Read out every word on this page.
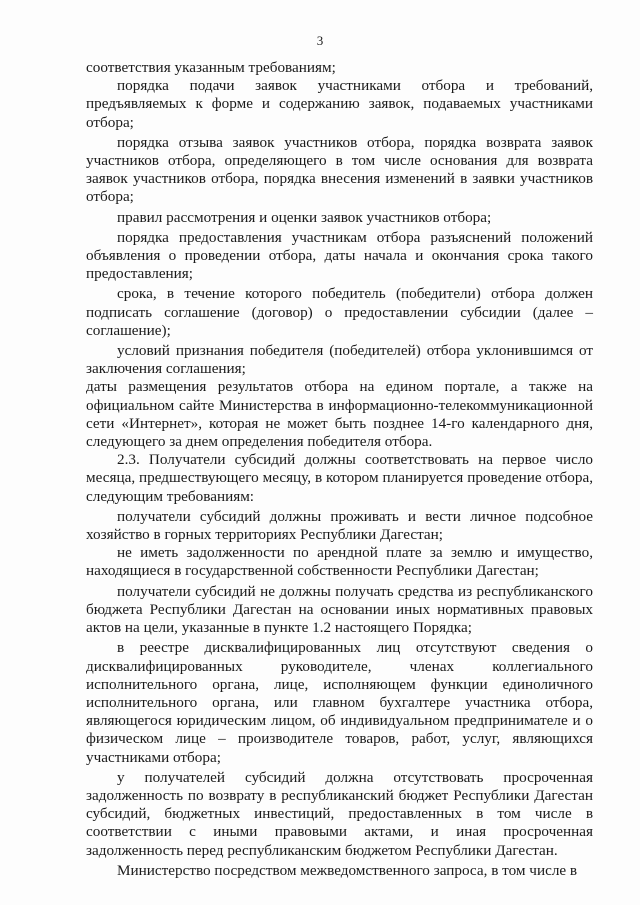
3

соответствия указанным требованиям;

порядка подачи заявок участниками отбора и требований, предъявляемых к форме и содержанию заявок, подаваемых участниками отбора;

порядка отзыва заявок участников отбора, порядка возврата заявок участников отбора, определяющего в том числе основания для возврата заявок участников отбора, порядка внесения изменений в заявки участников отбора;

правил рассмотрения и оценки заявок участников отбора;

порядка предоставления участникам отбора разъяснений положений объявления о проведении отбора, даты начала и окончания срока такого предоставления;

срока, в течение которого победитель (победители) отбора должен подписать соглашение (договор) о предоставлении субсидии (далее – соглашение);

условий признания победителя (победителей) отбора уклонившимся от заключения соглашения;

даты размещения результатов отбора на едином портале, а также на официальном сайте Министерства в информационно-телекоммуникационной сети «Интернет», которая не может быть позднее 14-го календарного дня, следующего за днем определения победителя отбора.

2.3. Получатели субсидий должны соответствовать на первое число месяца, предшествующего месяцу, в котором планируется проведение отбора, следующим требованиям:

получатели субсидий должны проживать и вести личное подсобное хозяйство в горных территориях Республики Дагестан;

не иметь задолженности по арендной плате за землю и имущество, находящиеся в государственной собственности Республики Дагестан;

получатели субсидий не должны получать средства из республиканского бюджета Республики Дагестан на основании иных нормативных правовых актов на цели, указанные в пункте 1.2 настоящего Порядка;

в реестре дисквалифицированных лиц отсутствуют сведения о дисквалифицированных руководителе, членах коллегиального исполнительного органа, лице, исполняющем функции единоличного исполнительного органа, или главном бухгалтере участника отбора, являющегося юридическим лицом, об индивидуальном предпринимателе и о физическом лице – производителе товаров, работ, услуг, являющихся участниками отбора;

у получателей субсидий должна отсутствовать просроченная задолженность по возврату в республиканский бюджет Республики Дагестан субсидий, бюджетных инвестиций, предоставленных в том числе в соответствии с иными правовыми актами, и иная просроченная задолженность перед республиканским бюджетом Республики Дагестан.

Министерство посредством межведомственного запроса, в том числе в
